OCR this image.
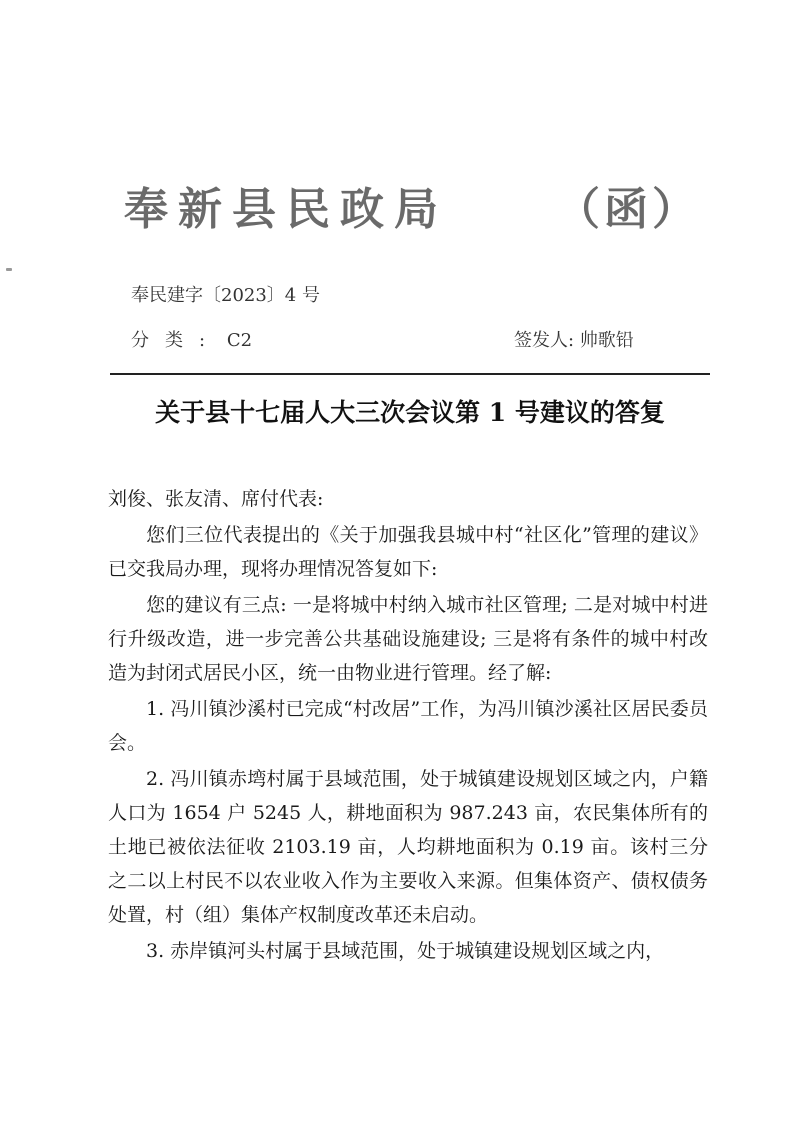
奉新县民政局 （函）
奉民建字〔2023〕4 号
分类: C2	签发人: 帅歌铅
关于县十七届人大三次会议第 1 号建议的答复

刘俊、张友清、席付代表:

您们三位代表提出的《关于加强我县城中村“社区化”管理的建议》已交我局办理，现将办理情况答复如下:

您的建议有三点: 一是将城中村纳入城市社区管理; 二是对城中村进行升级改造，进一步完善公共基础设施建设; 三是将有条件的城中村改造为封闭式居民小区，统一由物业进行管理。经了解:

1. 冯川镇沙溪村已完成“村改居”工作，为冯川镇沙溪社区居民委员会。

2. 冯川镇赤塆村属于县域范围，处于城镇建设规划区域之内，户籍人口为 1654 户 5245 人，耕地面积为 987.243 亩，农民集体所有的土地已被依法征收 2103.19 亩，人均耕地面积为 0.19 亩。该村三分之二以上村民不以农业收入作为主要收入来源。但集体资产、债权债务处置，村（组）集体产权制度改革还未启动。

3. 赤岸镇河头村属于县域范围，处于城镇建设规划区域之内，
